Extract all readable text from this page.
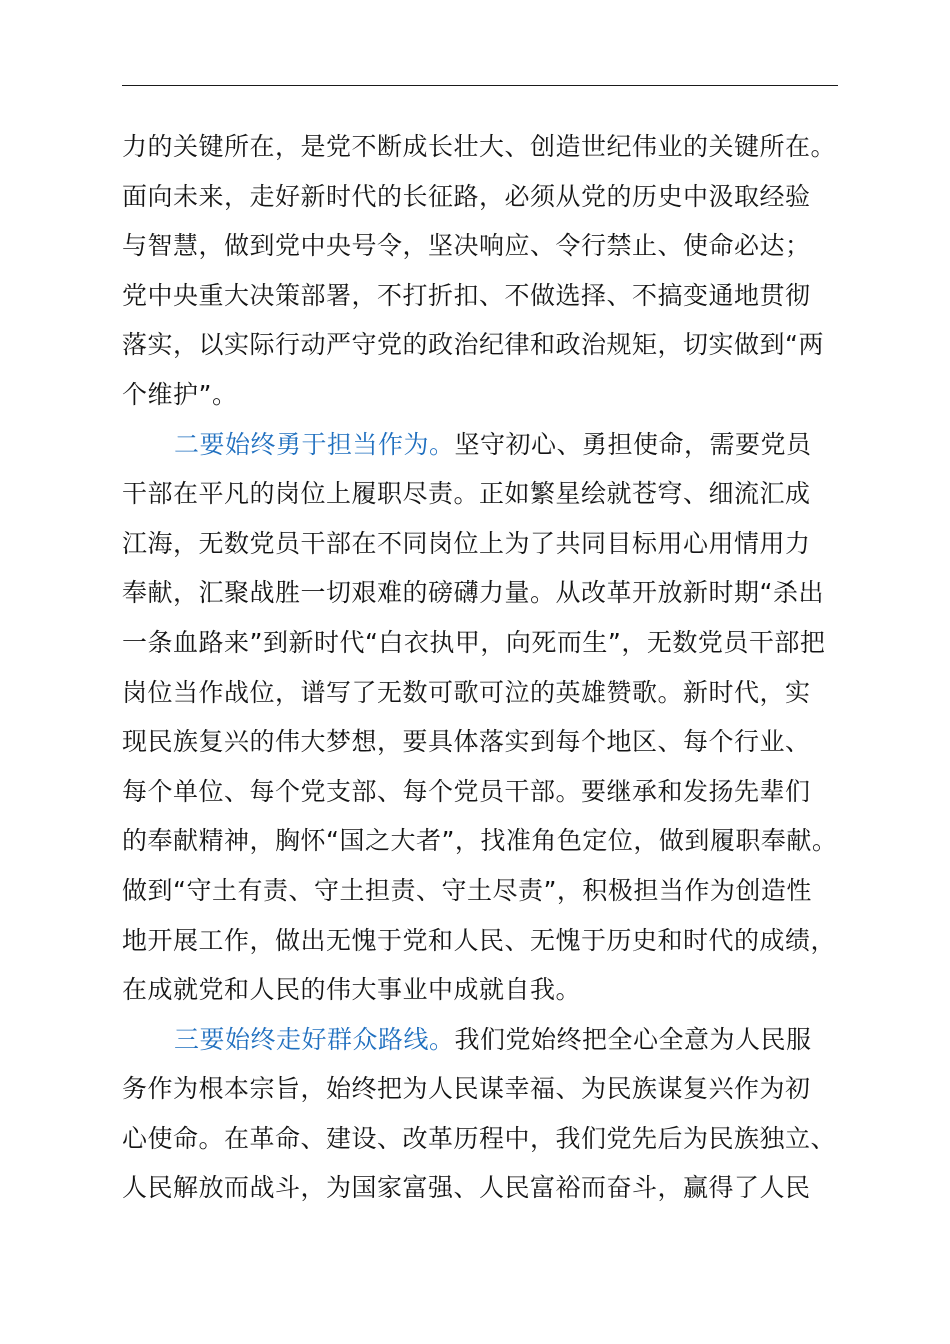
力的关键所在，是党不断成长壮大、创造世纪伟业的关键所在。
面向未来，走好新时代的长征路，必须从党的历史中汲取经验
与智慧，做到党中央号令，坚决响应、令行禁止、使命必达；
党中央重大决策部署，不打折扣、不做选择、不搞变通地贯彻
落实，以实际行动严守党的政治纪律和政治规矩，切实做到“两
个维护”。
二要始终勇于担当作为。坚守初心、勇担使命，需要党员
干部在平凡的岗位上履职尽责。正如繁星绘就苍穹、细流汇成
江海，无数党员干部在不同岗位上为了共同目标用心用情用力
奉献，汇聚战胜一切艰难的磅礴力量。从改革开放新时期“杀出
一条血路来”到新时代“白衣执甲，向死而生”，无数党员干部把
岗位当作战位，谱写了无数可歌可泣的英雄赞歌。新时代，实
现民族复兴的伟大梦想，要具体落实到每个地区、每个行业、
每个单位、每个党支部、每个党员干部。要继承和发扬先辈们
的奉献精神，胸怀“国之大者”，找准角色定位，做到履职奉献。
做到“守土有责、守土担责、守土尽责”，积极担当作为创造性
地开展工作，做出无愧于党和人民、无愧于历史和时代的成绩，
在成就党和人民的伟大事业中成就自我。
三要始终走好群众路线。我们党始终把全心全意为人民服
务作为根本宗旨，始终把为人民谋幸福、为民族谋复兴作为初
心使命。在革命、建设、改革历程中，我们党先后为民族独立、
人民解放而战斗，为国家富强、人民富裕而奋斗，赢得了人民
